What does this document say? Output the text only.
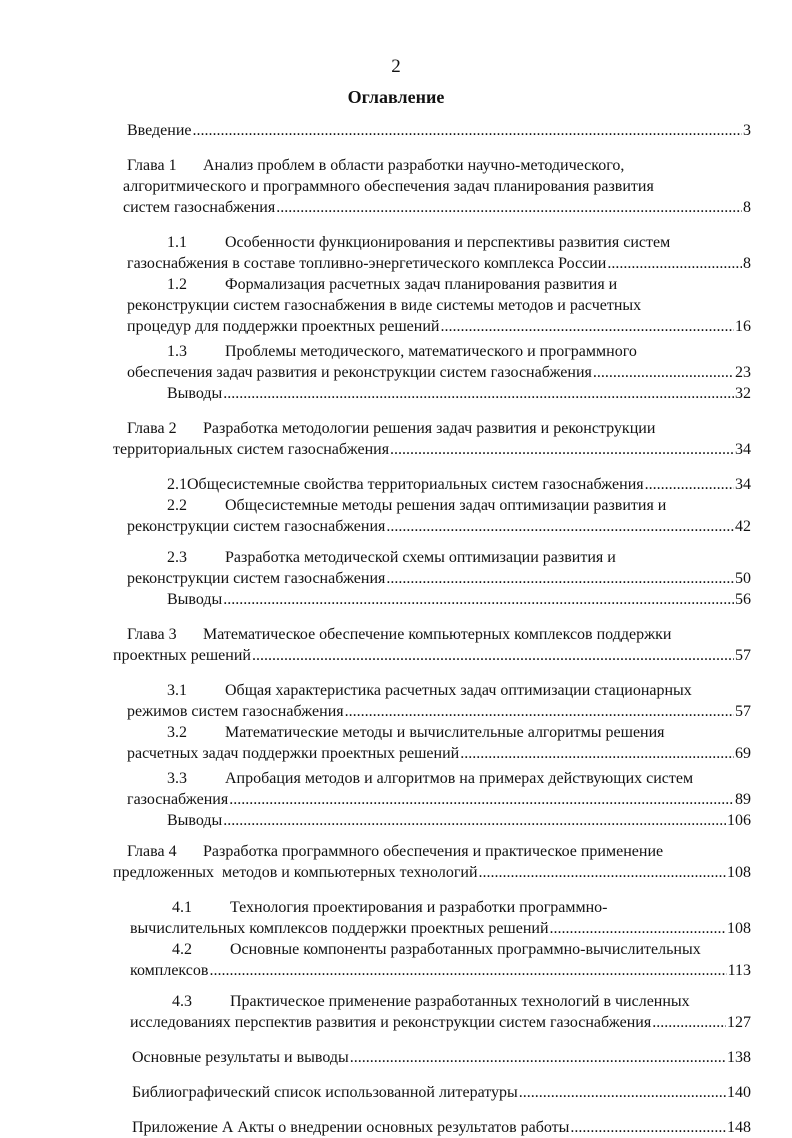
2
Оглавление
Введение .....	3
Глава 1 Анализ проблем в области разработки научно-методического,
алгоритмического и программного обеспечения задач планирования развития
систем газоснабжения .....	8
1.1 Особенности функционирования и перспективы развития систем
газоснабжения в составе топливно-энергетического комплекса России .....	8
1.2 Формализация расчетных задач планирования развития и
реконструкции систем газоснабжения в виде системы методов и расчетных
процедур для поддержки проектных решений .....	16
1.3 Проблемы методического, математического и программного
обеспечения задач развития и реконструкции систем газоснабжения .....	23
Выводы .....	32
Глава 2 Разработка методологии решения задач развития и реконструкции
территориальных систем газоснабжения .....	34
2.1 Общесистемные свойства территориальных систем газоснабжения .....	34
2.2 Общесистемные методы решения задач оптимизации развития и
реконструкции систем газоснабжения .....	42
2.3 Разработка методической схемы оптимизации развития и
реконструкции систем газоснабжения .....	50
Выводы .....	56
Глава 3 Математическое обеспечение компьютерных комплексов поддержки
проектных решений .....	57
3.1 Общая характеристика расчетных задач оптимизации стационарных
режимов систем газоснабжения .....	57
3.2 Математические методы и вычислительные алгоритмы решения
расчетных задач поддержки проектных решений .....	69
3.3 Апробация методов и алгоритмов на примерах действующих систем
газоснабжения .....	89
Выводы .....	106
Глава 4 Разработка программного обеспечения и практическое применение
предложенных  методов и компьютерных технологий .....	108
4.1 Технология проектирования и разработки программно-
вычислительных комплексов поддержки проектных решений .....	108
4.2 Основные компоненты разработанных программно-вычислительных
комплексов .....	113
4.3 Практическое применение разработанных технологий в численных
исследованиях перспектив развития и реконструкции систем газоснабжения .....	127
Основные результаты и выводы .....	138
Библиографический список использованной литературы .....	140
Приложение А Акты о внедрении основных результатов работы .....	148
